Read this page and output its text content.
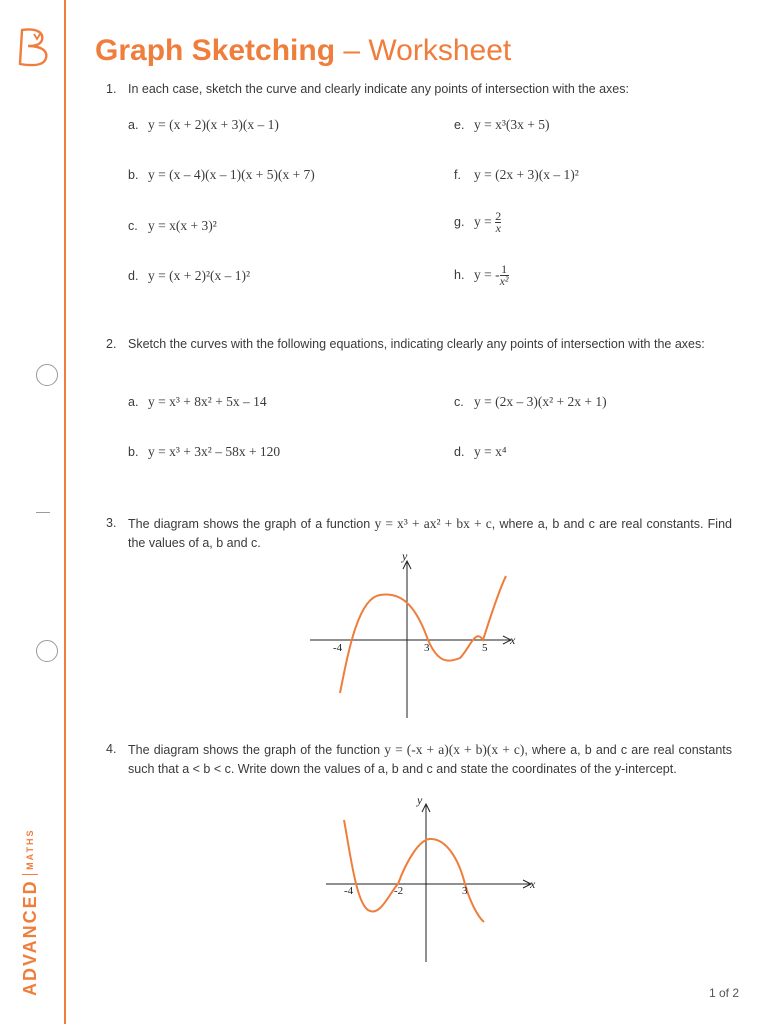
ADVANCEDMATHS
Graph Sketching – Worksheet
1. In each case, sketch the curve and clearly indicate any points of intersection with the axes:
a. y = (x + 2)(x + 3)(x – 1)
b. y = (x – 4)(x – 1)(x + 5)(x + 7)
c. y = x(x + 3)²
d. y = (x + 2)²(x – 1)²
e. y = x³(3x + 5)
f. y = (2x + 3)(x – 1)²
g. $y = \frac{2}{x}$
h. y = - $\frac{1}{\text{x²}}$
2. Sketch the curves with the following equations, indicating clearly any points of intersection with the axes:
a. y = x³ + 8x² + 5x – 14
b. y = x³ + 3x² – 58x + 120
c. y = (2x – 3)(x² + 2x + 1)
d. y = x⁴
3. The diagram shows the graph of a function y = x³ + ax² + bx + c, where a, b and c are real constants. Find the values of a, b and c.
x
y
-4	3	5
4. The diagram shows the graph of the function y = (-x + a)(x + b)(x + c), where a, b and c are real constants such that a < b < c. Write down the values of a, b and c and state the coordinates of the y-intercept.
x
y
-4	-2	3
1 of 2
